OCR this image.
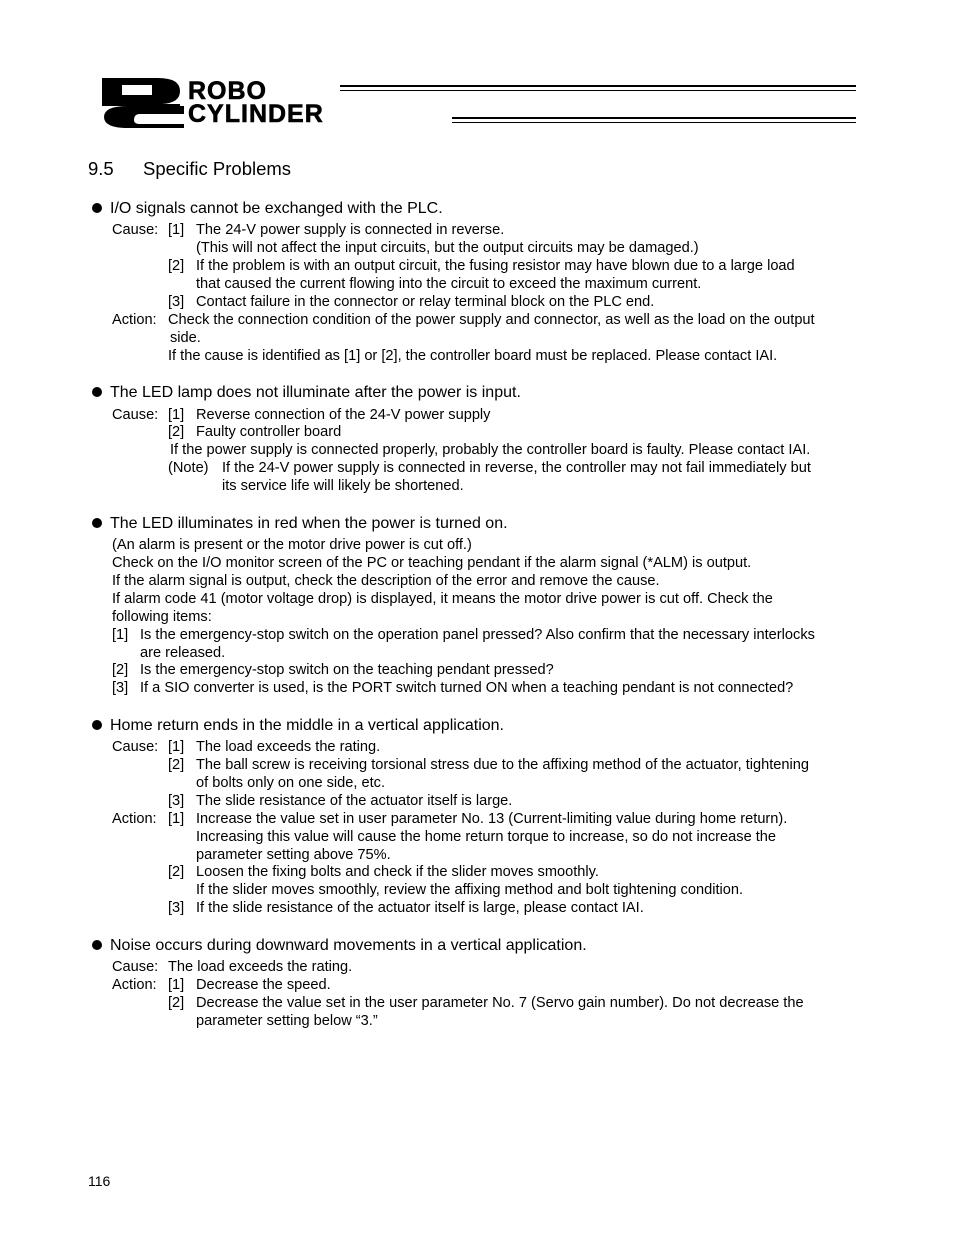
ROBO
CYLINDER
9.5 Specific Problems
I/O signals cannot be exchanged with the PLC.
Cause: [1] The 24-V power supply is connected in reverse.
(This will not affect the input circuits, but the output circuits may be damaged.)
[2] If the problem is with an output circuit, the fusing resistor may have blown due to a large load
that caused the current flowing into the circuit to exceed the maximum current.
[3] Contact failure in the connector or relay terminal block on the PLC end.
Action: Check the connection condition of the power supply and connector, as well as the load on the output
side.
If the cause is identified as [1] or [2], the controller board must be replaced. Please contact IAI.
The LED lamp does not illuminate after the power is input.
Cause: [1] Reverse connection of the 24-V power supply
[2] Faulty controller board
If the power supply is connected properly, probably the controller board is faulty. Please contact IAI.
(Note) If the 24-V power supply is connected in reverse, the controller may not fail immediately but
its service life will likely be shortened.
The LED illuminates in red when the power is turned on.
(An alarm is present or the motor drive power is cut off.)
Check on the I/O monitor screen of the PC or teaching pendant if the alarm signal (*ALM) is output.
If the alarm signal is output, check the description of the error and remove the cause.
If alarm code 41 (motor voltage drop) is displayed, it means the motor drive power is cut off. Check the
following items:
[1] Is the emergency-stop switch on the operation panel pressed? Also confirm that the necessary interlocks
are released.
[2] Is the emergency-stop switch on the teaching pendant pressed?
[3] If a SIO converter is used, is the PORT switch turned ON when a teaching pendant is not connected?
Home return ends in the middle in a vertical application.
Cause: [1] The load exceeds the rating.
[2] The ball screw is receiving torsional stress due to the affixing method of the actuator, tightening
of bolts only on one side, etc.
[3] The slide resistance of the actuator itself is large.
Action: [1] Increase the value set in user parameter No. 13 (Current-limiting value during home return).
Increasing this value will cause the home return torque to increase, so do not increase the
parameter setting above 75%.
[2] Loosen the fixing bolts and check if the slider moves smoothly.
If the slider moves smoothly, review the affixing method and bolt tightening condition.
[3] If the slide resistance of the actuator itself is large, please contact IAI.
Noise occurs during downward movements in a vertical application.
Cause: The load exceeds the rating.
Action: [1] Decrease the speed.
[2] Decrease the value set in the user parameter No. 7 (Servo gain number). Do not decrease the
parameter setting below “3.”
116
